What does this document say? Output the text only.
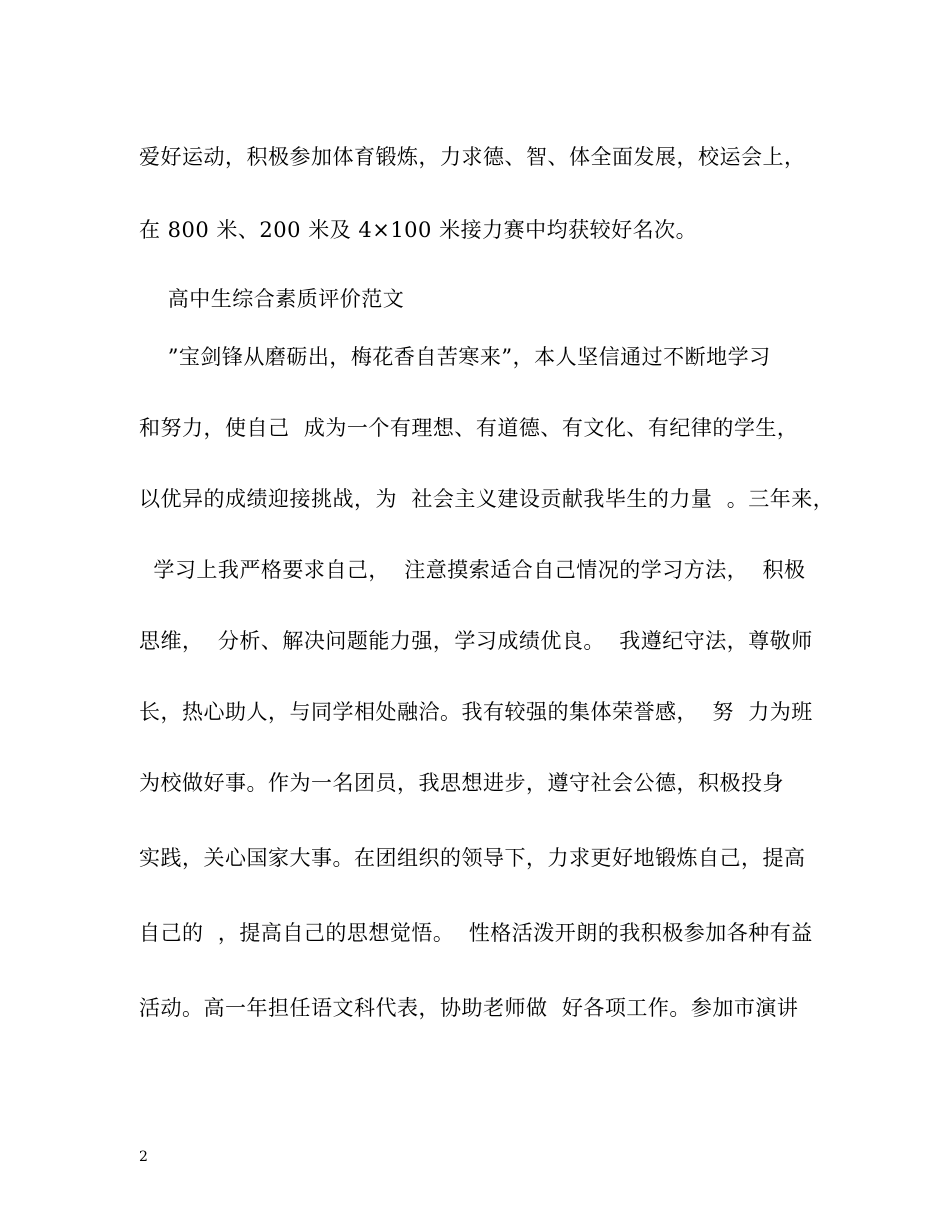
爱好运动，积极参加体育锻炼，力求德、智、体全面发展，校运会上，
在 800 米、200 米及 4×100 米接力赛中均获较好名次。
高中生综合素质评价范文
”宝剑锋从磨砺出，梅花香自苦寒来”，本人坚信通过不断地学习
和努力，使自己  成为一个有理想、有道德、有文化、有纪律的学生，
以优异的成绩迎接挑战，为  社会主义建设贡献我毕生的力量  。三年来，
学习上我严格要求自己，  注意摸索适合自己情况的学习方法，  积极
思维，  分析、解决问题能力强，学习成绩优良。  我遵纪守法，尊敬师
长，热心助人，与同学相处融洽。我有较强的集体荣誉感，  努  力为班
为校做好事。作为一名团员，我思想进步，遵守社会公德，积极投身
实践，关心国家大事。在团组织的领导下，力求更好地锻炼自己，提高
自己的  ，提高自己的思想觉悟。  性格活泼开朗的我积极参加各种有益
活动。高一年担任语文科代表，协助老师做  好各项工作。参加市演讲
2
